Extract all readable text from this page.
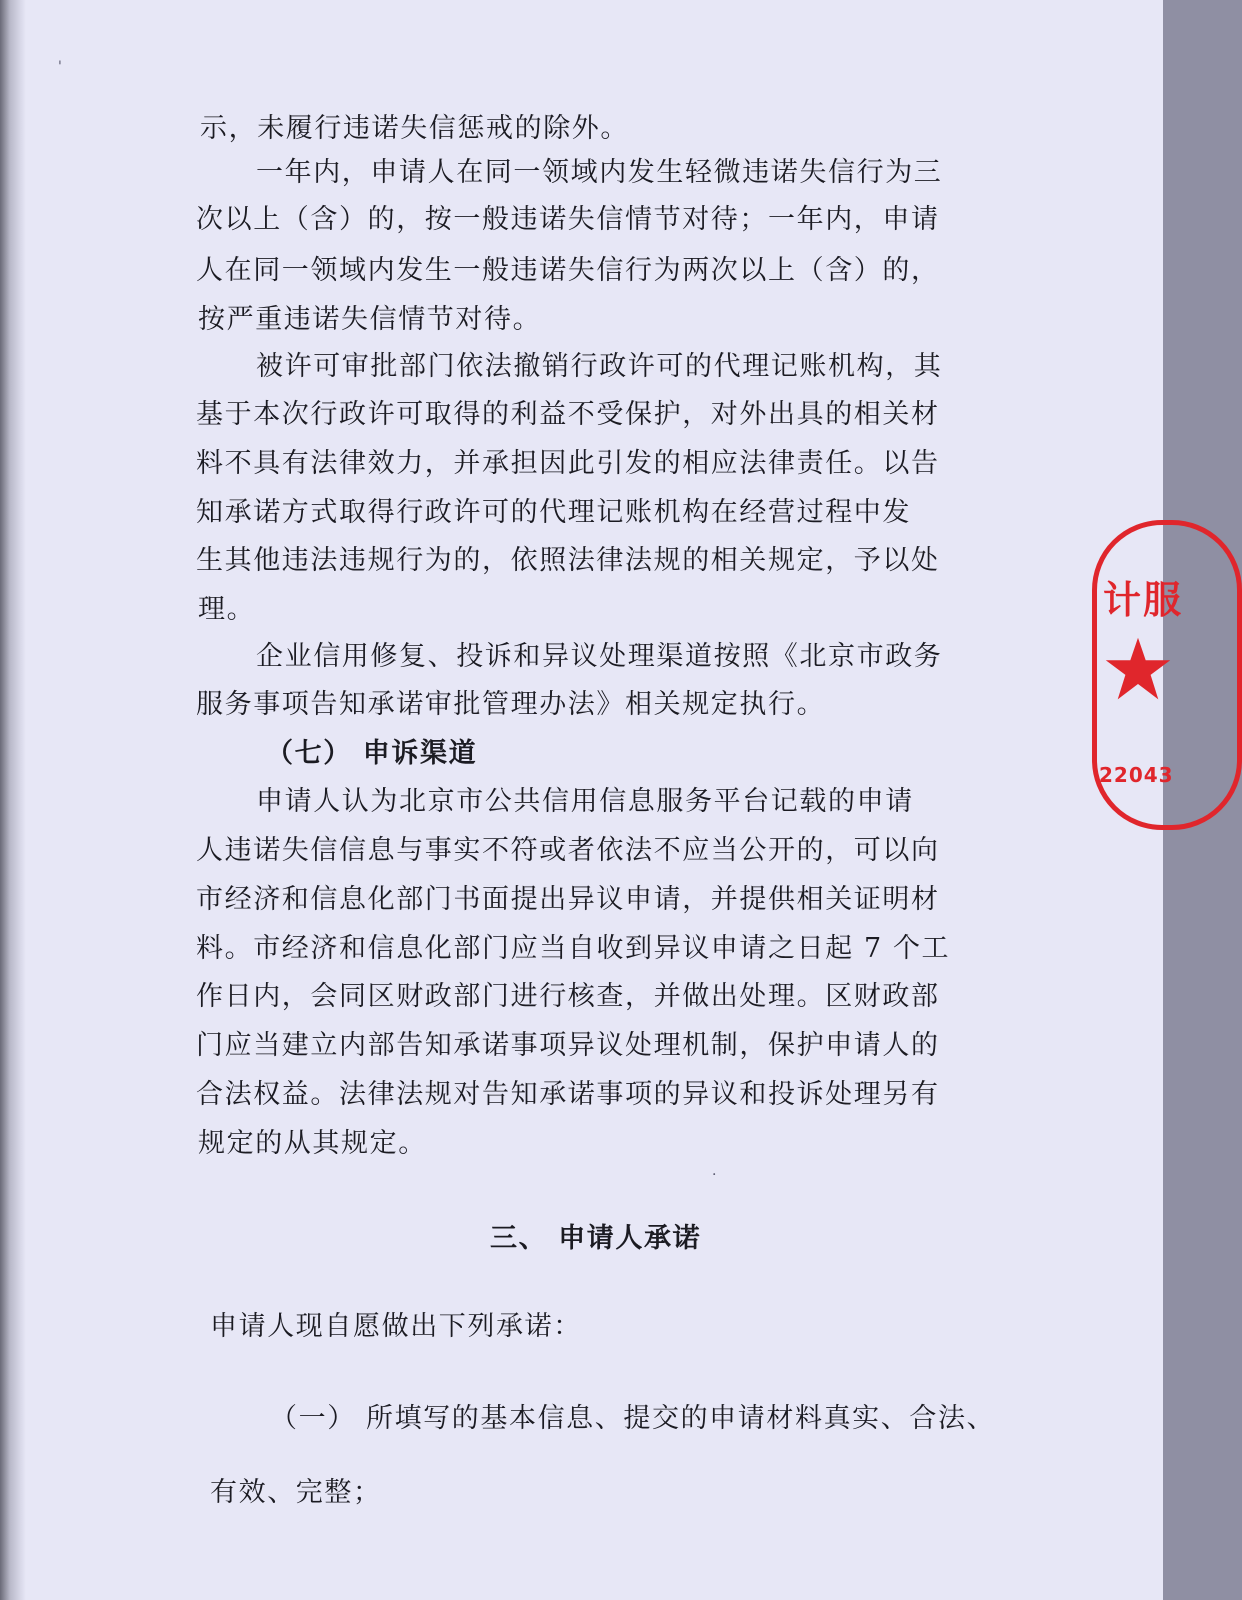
'
·
示，未履行违诺失信惩戒的除外。
一年内，申请人在同一领域内发生轻微违诺失信行为三
次以上（含）的，按一般违诺失信情节对待；一年内，申请
人在同一领域内发生一般违诺失信行为两次以上（含）的，
按严重违诺失信情节对待。
被许可审批部门依法撤销行政许可的代理记账机构，其
基于本次行政许可取得的利益不受保护，对外出具的相关材
料不具有法律效力，并承担因此引发的相应法律责任。以告
知承诺方式取得行政许可的代理记账机构在经营过程中发
生其他违法违规行为的，依照法律法规的相关规定，予以处
理。
企业信用修复、投诉和异议处理渠道按照《北京市政务
服务事项告知承诺审批管理办法》相关规定执行。
（七） 申诉渠道
申请人认为北京市公共信用信息服务平台记载的申请
人违诺失信信息与事实不符或者依法不应当公开的，可以向
市经济和信息化部门书面提出异议申请，并提供相关证明材
料。市经济和信息化部门应当自收到异议申请之日起 7 个工
作日内，会同区财政部门进行核查，并做出处理。区财政部
门应当建立内部告知承诺事项异议处理机制，保护申请人的
合法权益。法律法规对告知承诺事项的异议和投诉处理另有
规定的从其规定。
三、 申请人承诺
申请人现自愿做出下列承诺：
（一） 所填写的基本信息、提交的申请材料真实、合法、
有效、完整；
计服
22043
